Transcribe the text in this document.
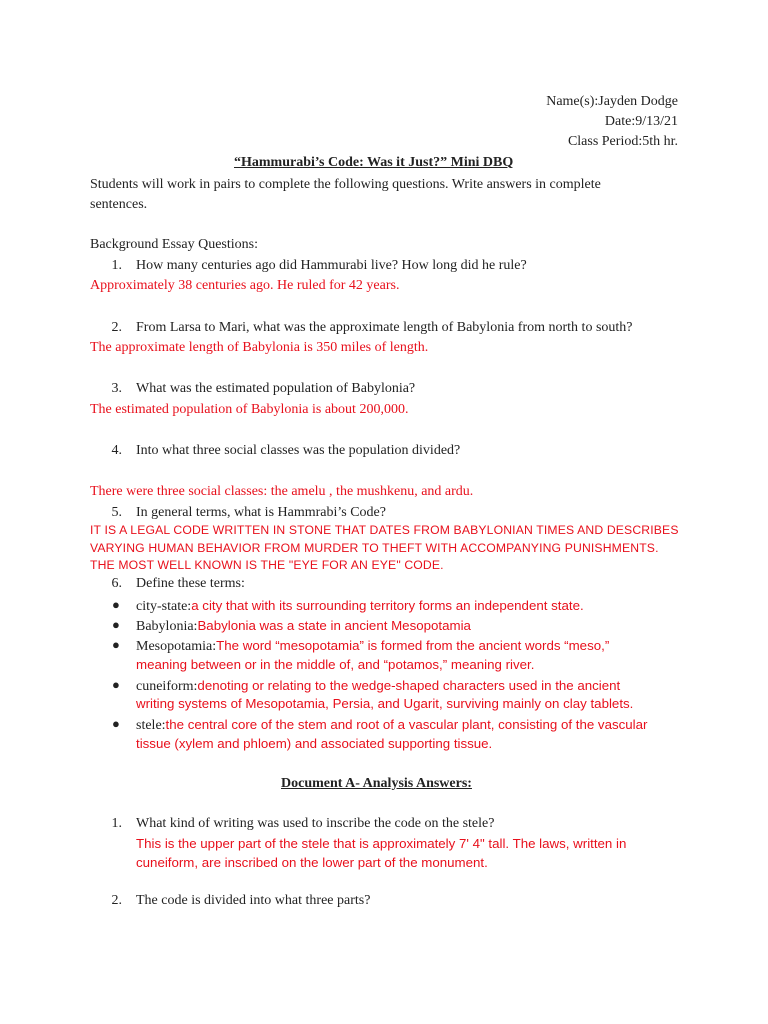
Name(s):Jayden Dodge
Date:9/13/21
Class Period:5th hr.
“Hammurabi’s Code: Was it Just?” Mini DBQ
Students will work in pairs to complete the following questions. Write answers in complete
sentences.
Background Essay Questions:
1. How many centuries ago did Hammurabi live? How long did he rule?
Approximately 38 centuries ago. He ruled for 42 years.
2. From Larsa to Mari, what was the approximate length of Babylonia from north to south?
The approximate length of Babylonia is 350 miles of length.
3. What was the estimated population of Babylonia?
The estimated population of Babylonia is about 200,000.
4. Into what three social classes was the population divided?
There were three social classes: the amelu , the mushkenu, and ardu.
5. In general terms, what is Hammrabi’s Code?
IT IS A LEGAL CODE WRITTEN IN STONE THAT DATES FROM BABYLONIAN TIMES AND DESCRIBES
VARYING HUMAN BEHAVIOR FROM MURDER TO THEFT WITH ACCOMPANYING PUNISHMENTS.
THE MOST WELL KNOWN IS THE "EYE FOR AN EYE" CODE.
6. Define these terms:
● city-state:a city that with its surrounding territory forms an independent state.
● Babylonia:Babylonia was a state in ancient Mesopotamia
● Mesopotamia:The word “mesopotamia” is formed from the ancient words “meso,”
meaning between or in the middle of, and “potamos,” meaning river.
● cuneiform:denoting or relating to the wedge-shaped characters used in the ancient
writing systems of Mesopotamia, Persia, and Ugarit, surviving mainly on clay tablets.
● stele:the central core of the stem and root of a vascular plant, consisting of the vascular
tissue (xylem and phloem) and associated supporting tissue.
Document A- Analysis Answers:
1. What kind of writing was used to inscribe the code on the stele?
This is the upper part of the stele that is approximately 7' 4" tall. The laws, written in
cuneiform, are inscribed on the lower part of the monument.
2. The code is divided into what three parts?
